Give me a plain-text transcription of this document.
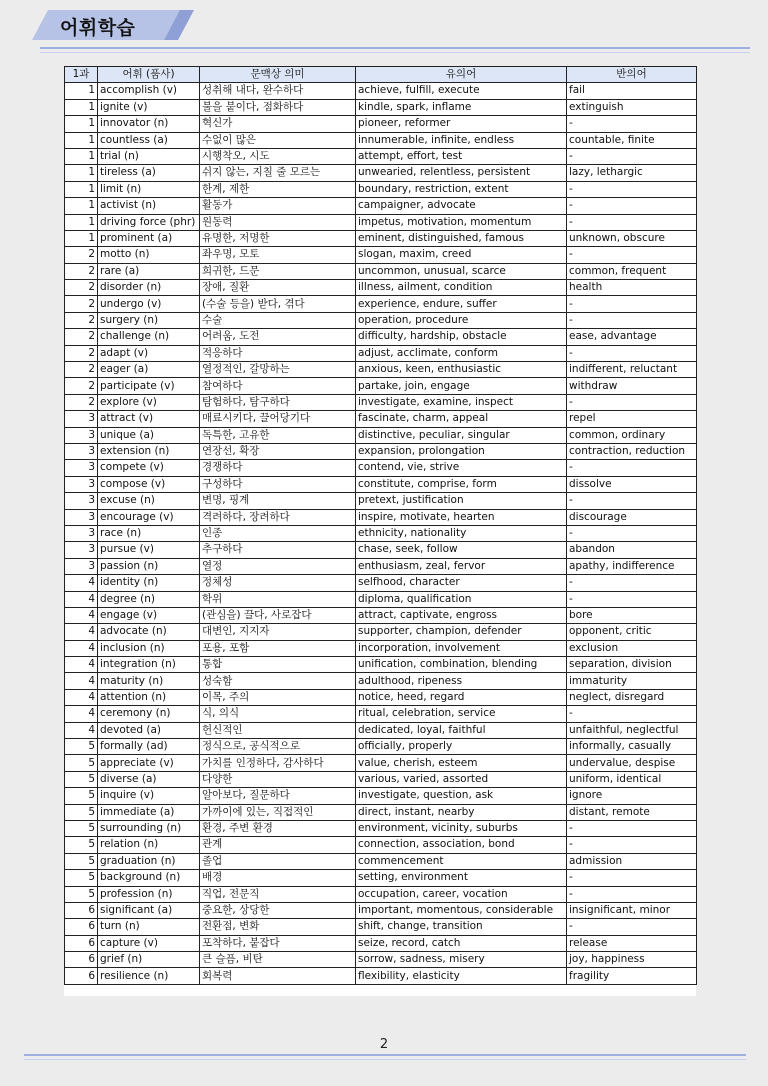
어휘학습
1과	어휘 (품사)	문맥상 의미	유의어	반의어
1	accomplish (v)	성취해 내다, 완수하다	achieve, fulfill, execute	fail
1	ignite (v)	불을 붙이다, 점화하다	kindle, spark, inflame	extinguish
1	innovator (n)	혁신가	pioneer, reformer	-
1	countless (a)	수없이 많은	innumerable, infinite, endless	countable, finite
1	trial (n)	시행착오, 시도	attempt, effort, test	-
1	tireless (a)	쉬지 않는, 지칠 줄 모르는	unwearied, relentless, persistent	lazy, lethargic
1	limit (n)	한계, 제한	boundary, restriction, extent	-
1	activist (n)	활동가	campaigner, advocate	-
1	driving force (phr)	원동력	impetus, motivation, momentum	-
1	prominent (a)	유명한, 저명한	eminent, distinguished, famous	unknown, obscure
2	motto (n)	좌우명, 모토	slogan, maxim, creed	-
2	rare (a)	희귀한, 드문	uncommon, unusual, scarce	common, frequent
2	disorder (n)	장애, 질환	illness, ailment, condition	health
2	undergo (v)	(수술 등을) 받다, 겪다	experience, endure, suffer	-
2	surgery (n)	수술	operation, procedure	-
2	challenge (n)	어려움, 도전	difficulty, hardship, obstacle	ease, advantage
2	adapt (v)	적응하다	adjust, acclimate, conform	-
2	eager (a)	열정적인, 갈망하는	anxious, keen, enthusiastic	indifferent, reluctant
2	participate (v)	참여하다	partake, join, engage	withdraw
2	explore (v)	탐험하다, 탐구하다	investigate, examine, inspect	-
3	attract (v)	매료시키다, 끌어당기다	fascinate, charm, appeal	repel
3	unique (a)	독특한, 고유한	distinctive, peculiar, singular	common, ordinary
3	extension (n)	연장선, 확장	expansion, prolongation	contraction, reduction
3	compete (v)	경쟁하다	contend, vie, strive	-
3	compose (v)	구성하다	constitute, comprise, form	dissolve
3	excuse (n)	변명, 핑계	pretext, justification	-
3	encourage (v)	격려하다, 장려하다	inspire, motivate, hearten	discourage
3	race (n)	인종	ethnicity, nationality	-
3	pursue (v)	추구하다	chase, seek, follow	abandon
3	passion (n)	열정	enthusiasm, zeal, fervor	apathy, indifference
4	identity (n)	정체성	selfhood, character	-
4	degree (n)	학위	diploma, qualification	-
4	engage (v)	(관심을) 끌다, 사로잡다	attract, captivate, engross	bore
4	advocate (n)	대변인, 지지자	supporter, champion, defender	opponent, critic
4	inclusion (n)	포용, 포함	incorporation, involvement	exclusion
4	integration (n)	통합	unification, combination, blending	separation, division
4	maturity (n)	성숙함	adulthood, ripeness	immaturity
4	attention (n)	이목, 주의	notice, heed, regard	neglect, disregard
4	ceremony (n)	식, 의식	ritual, celebration, service	-
4	devoted (a)	헌신적인	dedicated, loyal, faithful	unfaithful, neglectful
5	formally (ad)	정식으로, 공식적으로	officially, properly	informally, casually
5	appreciate (v)	가치를 인정하다, 감사하다	value, cherish, esteem	undervalue, despise
5	diverse (a)	다양한	various, varied, assorted	uniform, identical
5	inquire (v)	알아보다, 질문하다	investigate, question, ask	ignore
5	immediate (a)	가까이에 있는, 직접적인	direct, instant, nearby	distant, remote
5	surrounding (n)	환경, 주변 환경	environment, vicinity, suburbs	-
5	relation (n)	관계	connection, association, bond	-
5	graduation (n)	졸업	commencement	admission
5	background (n)	배경	setting, environment	-
5	profession (n)	직업, 전문직	occupation, career, vocation	-
6	significant (a)	중요한, 상당한	important, momentous, considerable	insignificant, minor
6	turn (n)	전환점, 변화	shift, change, transition	-
6	capture (v)	포착하다, 붙잡다	seize, record, catch	release
6	grief (n)	큰 슬픔, 비탄	sorrow, sadness, misery	joy, happiness
6	resilience (n)	회복력	flexibility, elasticity	fragility
2
